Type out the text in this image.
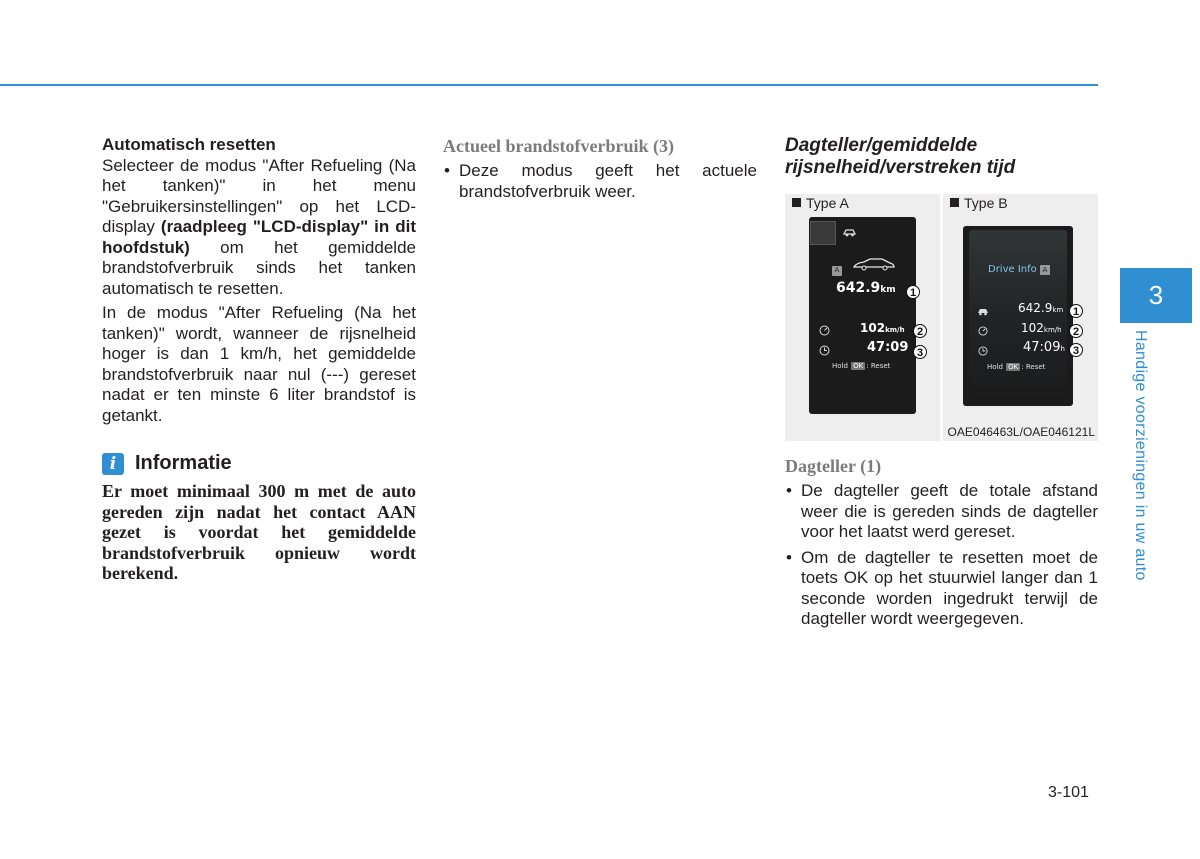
Automatisch resetten

Selecteer de modus "After Refueling (Na het tanken)" in het menu "Gebruikersinstellingen" op het LCD-display (raadpleeg "LCD-display" in dit hoofdstuk) om het gemiddelde brandstofverbruik sinds het tanken automatisch te resetten.

In de modus "After Refueling (Na het tanken)" wordt, wanneer de rijsnelheid hoger is dan 1 km/h, het gemiddelde brandstofverbruik naar nul (---) gereset nadat er ten minste 6 liter brandstof is getankt.

i Informatie
Er moet minimaal 300 m met de auto gereden zijn nadat het contact AAN gezet is voordat het gemiddelde brandstofverbruik opnieuw wordt berekend.

Actueel brandstofverbruik (3)

• Deze modus geeft het actuele brandstofverbruik weer.

Dagteller/gemiddelde rijsnelheid/verstreken tijd

Type A	Type B
A
642.9km
102km/h
47:09
Hold OK : Reset
Drive Info A
642.9km
102km/h
47:09h
Hold OK : Reset
1
2
3
1
2
3
OAE046463L/OAE046121L

Dagteller (1)

• De dagteller geeft de totale afstand weer die is gereden sinds de dagteller voor het laatst werd gereset.
• Om de dagteller te resetten moet de toets OK op het stuurwiel langer dan 1 seconde worden ingedrukt terwijl de dagteller wordt weergegeven.
3
Handige voorzieningen in uw auto
3-101
